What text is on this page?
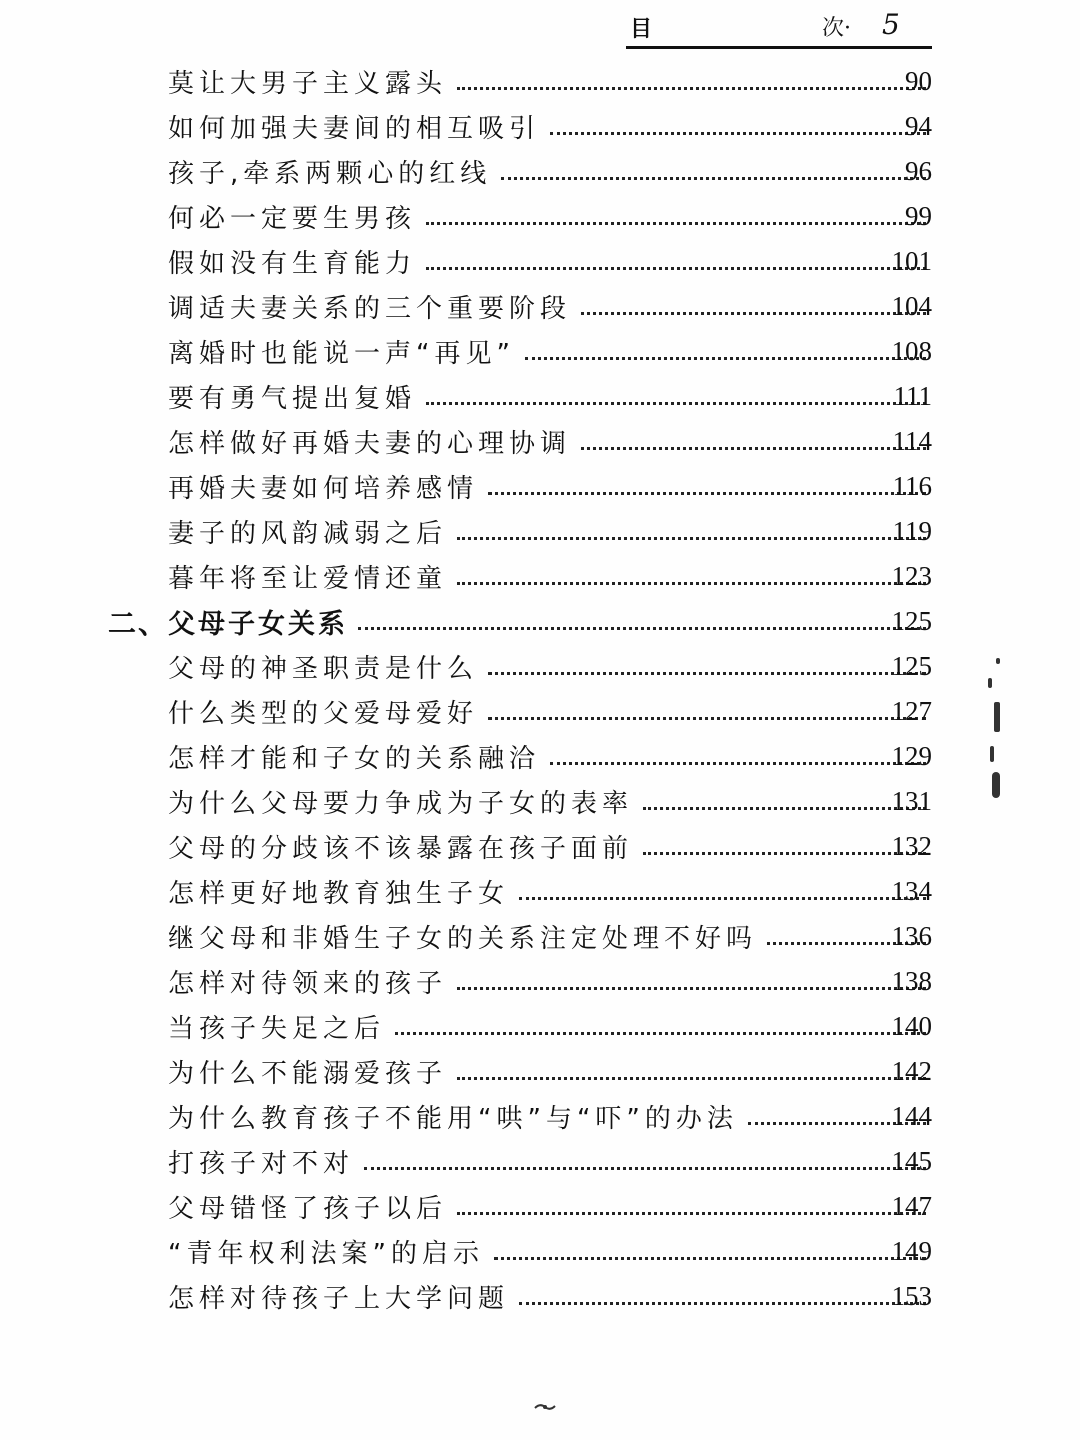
目	次· 5
莫让大男子主义露头	90
如何加强夫妻间的相互吸引	94
孩子,牵系两颗心的红线	96
何必一定要生男孩	99
假如没有生育能力	101
调适夫妻关系的三个重要阶段	104
离婚时也能说一声“再见”	108
要有勇气提出复婚	111
怎样做好再婚夫妻的心理协调	114
再婚夫妻如何培养感情	116
妻子的风韵减弱之后	119
暮年将至让爱情还童	123
二、 父母子女关系	125
父母的神圣职责是什么	125
什么类型的父爱母爱好	127
怎样才能和子女的关系融洽	129
为什么父母要力争成为子女的表率	131
父母的分歧该不该暴露在孩子面前	132
怎样更好地教育独生子女	134
继父母和非婚生子女的关系注定处理不好吗	136
怎样对待领来的孩子	138
当孩子失足之后	140
为什么不能溺爱孩子	142
为什么教育孩子不能用“哄”与“吓”的办法	144
打孩子对不对	145
父母错怪了孩子以后	147
“青年权利法案”的启示	149
怎样对待孩子上大学问题	153
